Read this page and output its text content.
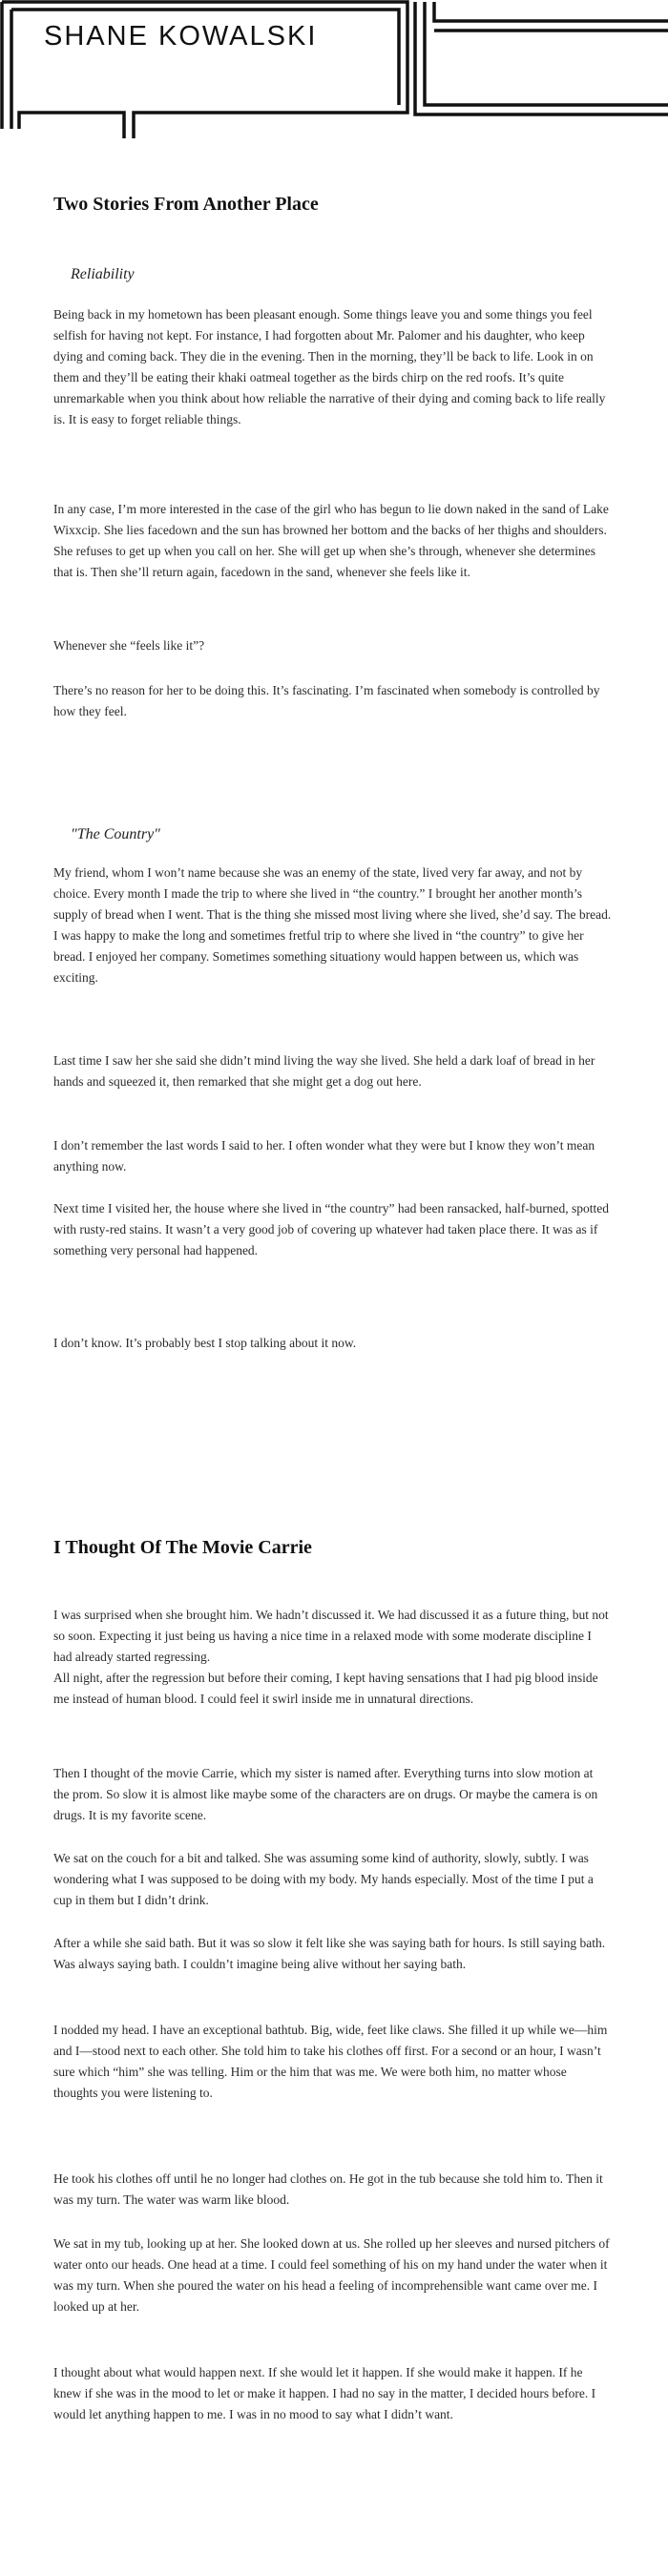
SHANE KOWALSKI
Two Stories From Another Place
Reliability

Being back in my hometown has been pleasant enough. Some things leave you and some things you feel selfish for having not kept. For instance, I had forgotten about Mr. Palomer and his daughter, who keep dying and coming back. They die in the evening. Then in the morning, they’ll be back to life. Look in on them and they’ll be eating their khaki oatmeal together as the birds chirp on the red roofs. It’s quite unremarkable when you think about how reliable the narrative of their dying and coming back to life really is. It is easy to forget reliable things.

In any case, I’m more interested in the case of the girl who has begun to lie down naked in the sand of Lake Wixxcip. She lies facedown and the sun has browned her bottom and the backs of her thighs and shoulders. She refuses to get up when you call on her. She will get up when she’s through, whenever she determines that is. Then she’ll return again, facedown in the sand, whenever she feels like it.

Whenever she “feels like it”?

There’s no reason for her to be doing this. It’s fascinating. I’m fascinated when somebody is controlled by how they feel.

"The Country"

My friend, whom I won’t name because she was an enemy of the state, lived very far away, and not by choice. Every month I made the trip to where she lived in “the country.” I brought her another month’s supply of bread when I went. That is the thing she missed most living where she lived, she’d say. The bread. I was happy to make the long and sometimes fretful trip to where she lived in “the country” to give her bread. I enjoyed her company. Sometimes something situationy would happen between us, which was exciting.

Last time I saw her she said she didn’t mind living the way she lived. She held a dark loaf of bread in her hands and squeezed it, then remarked that she might get a dog out here.

I don’t remember the last words I said to her. I often wonder what they were but I know they won’t mean anything now.

Next time I visited her, the house where she lived in “the country” had been ransacked, half-burned, spotted with rusty-red stains. It wasn’t a very good job of covering up whatever had taken place there. It was as if something very personal had happened.

I don’t know. It’s probably best I stop talking about it now.

I Thought Of The Movie Carrie

I was surprised when she brought him. We hadn’t discussed it. We had discussed it as a future thing, but not so soon. Expecting it just being us having a nice time in a relaxed mode with some moderate discipline I had already started regressing.
All night, after the regression but before their coming, I kept having sensations that I had pig blood inside me instead of human blood. I could feel it swirl inside me in unnatural directions.

Then I thought of the movie Carrie, which my sister is named after. Everything turns into slow motion at the prom. So slow it is almost like maybe some of the characters are on drugs. Or maybe the camera is on drugs. It is my favorite scene.

We sat on the couch for a bit and talked. She was assuming some kind of authority, slowly, subtly. I was wondering what I was supposed to be doing with my body. My hands especially. Most of the time I put a cup in them but I didn’t drink.

After a while she said bath. But it was so slow it felt like she was saying bath for hours. Is still saying bath. Was always saying bath. I couldn’t imagine being alive without her saying bath.

I nodded my head. I have an exceptional bathtub. Big, wide, feet like claws. She filled it up while we—him and I—stood next to each other. She told him to take his clothes off first. For a second or an hour, I wasn’t sure which “him” she was telling. Him or the him that was me. We were both him, no matter whose thoughts you were listening to.

He took his clothes off until he no longer had clothes on. He got in the tub because she told him to. Then it was my turn. The water was warm like blood.

We sat in my tub, looking up at her. She looked down at us. She rolled up her sleeves and nursed pitchers of water onto our heads. One head at a time. I could feel something of his on my hand under the water when it was my turn. When she poured the water on his head a feeling of incomprehensible want came over me. I looked up at her.

I thought about what would happen next. If she would let it happen. If she would make it happen. If he knew if she was in the mood to let or make it happen. I had no say in the matter, I decided hours before. I would let anything happen to me. I was in no mood to say what I didn’t want.
